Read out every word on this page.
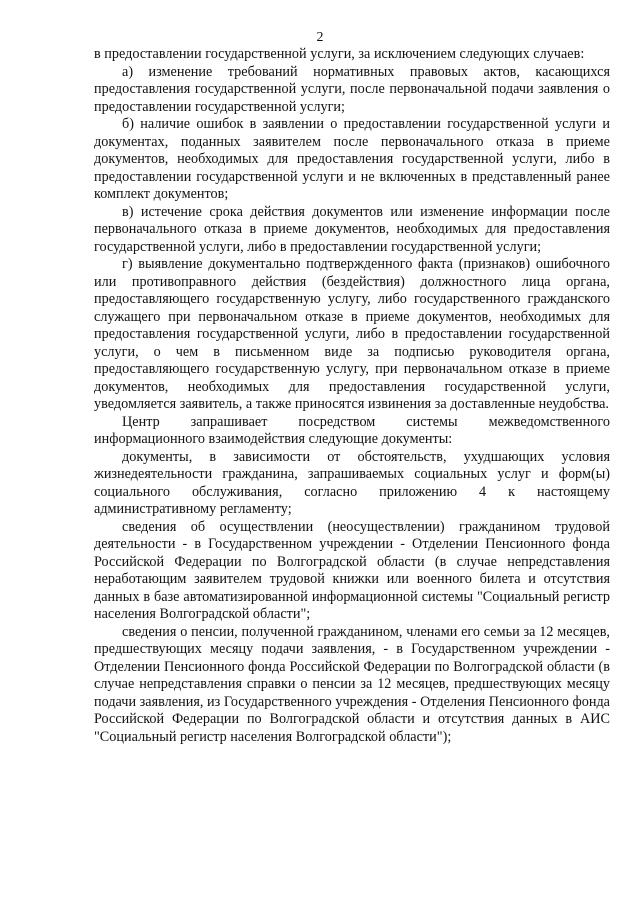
2

в предоставлении государственной услуги, за исключением следующих случаев:

а) изменение требований нормативных правовых актов, касающихся предоставления государственной услуги, после первоначальной подачи заявления о предоставлении государственной услуги;

б) наличие ошибок в заявлении о предоставлении государственной услуги и документах, поданных заявителем после первоначального отказа в приеме документов, необходимых для предоставления государственной услуги, либо в предоставлении государственной услуги и не включенных в представленный ранее комплект документов;

в) истечение срока действия документов или изменение информации после первоначального отказа в приеме документов, необходимых для предоставления государственной услуги, либо в предоставлении государственной услуги;

г) выявление документально подтвержденного факта (признаков) ошибочного или противоправного действия (бездействия) должностного лица органа, предоставляющего государственную услугу, либо государственного гражданского служащего при первоначальном отказе в приеме документов, необходимых для предоставления государственной услуги, либо в предоставлении государственной услуги, о чем в письменном виде за подписью руководителя органа, предоставляющего государственную услугу, при первоначальном отказе в приеме документов, необходимых для предоставления государственной услуги, уведомляется заявитель, а также приносятся извинения за доставленные неудобства.

Центр запрашивает посредством системы межведомственного информационного взаимодействия следующие документы:

документы, в зависимости от обстоятельств, ухудшающих условия жизнедеятельности гражданина, запрашиваемых социальных услуг и форм(ы) социального обслуживания, согласно приложению 4 к настоящему административному регламенту;

сведения об осуществлении (неосуществлении) гражданином трудовой деятельности - в Государственном учреждении - Отделении Пенсионного фонда Российской Федерации по Волгоградской области (в случае непредставления неработающим заявителем трудовой книжки или военного билета и отсутствия данных в базе автоматизированной информационной системы "Социальный регистр населения Волгоградской области";

сведения о пенсии, полученной гражданином, членами его семьи за 12 месяцев, предшествующих месяцу подачи заявления, - в Государственном учреждении - Отделении Пенсионного фонда Российской Федерации по Волгоградской области (в случае непредставления справки о пенсии за 12 месяцев, предшествующих месяцу подачи заявления, из Государственного учреждения - Отделения Пенсионного фонда Российской Федерации по Волгоградской области и отсутствия данных в АИС "Социальный регистр населения Волгоградской области");
